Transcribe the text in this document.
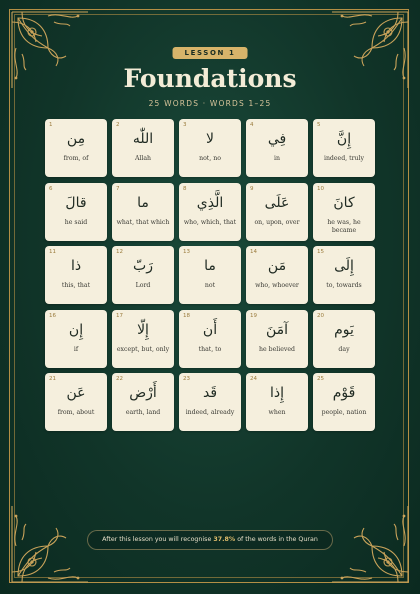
LESSON 1
Foundations
25 WORDS · WORDS 1–25
1
مِن
from, of
2
اللّٰه
Allah
3
لا
not, no
4
فِي
in
5
إِنَّ
indeed, truly
6
قالَ
he said
7
ما
what, that which
8
الَّذِي
who, which, that
9
عَلَى
on, upon, over
10
كانَ
he was, he became
11
ذا
this, that
12
رَبّ
Lord
13
ما
not
14
مَن
who, whoever
15
إِلَى
to, towards
16
إِن
if
17
إِلّا
except, but, only
18
أَن
that, to
19
آمَنَ
he believed
20
يَوم
day
21
عَن
from, about
22
أَرْض
earth, land
23
قَد
indeed, already
24
إِذا
when
25
قَوْم
people, nation
After this lesson you will recognise 37.8% of the words in the Quran
